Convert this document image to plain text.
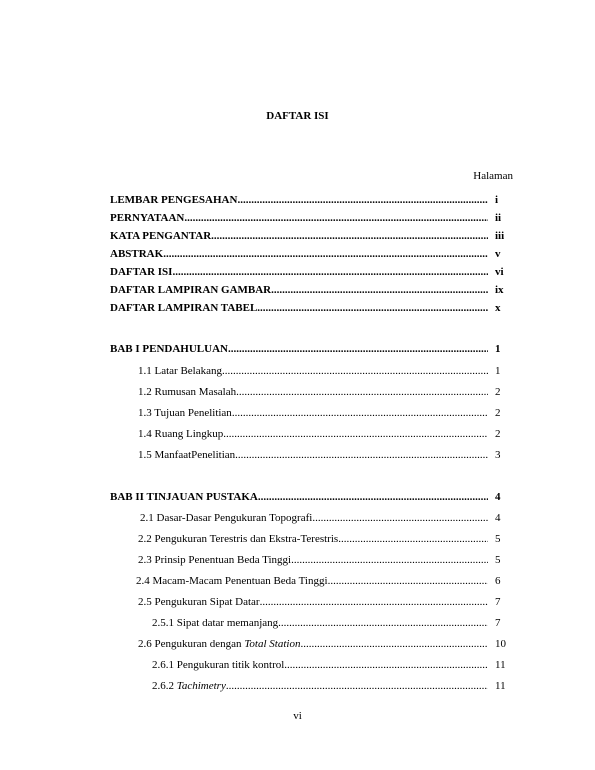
DAFTAR ISI
Halaman
LEMBAR PENGESAHAN .....	i
PERNYATAAN .....	ii
KATA PENGANTAR .....	iii
ABSTRAK .....	v
DAFTAR ISI .....	vi
DAFTAR LAMPIRAN GAMBAR .....	ix
DAFTAR LAMPIRAN TABEL .....	x
BAB I PENDAHULUAN .....	1
1.1 Latar Belakang .....	1
1.2 Rumusan Masalah .....	2
1.3 Tujuan Penelitian .....	2
1.4 Ruang Lingkup .....	2
1.5 ManfaatPenelitian .....	3
BAB II TINJAUAN PUSTAKA .....	4
2.1 Dasar-Dasar Pengukuran Topografi .....	4
2.2 Pengukuran Terestris dan Ekstra-Terestris .....	5
2.3 Prinsip Penentuan Beda Tinggi .....	5
2.4 Macam-Macam Penentuan Beda Tinggi .....	6
2.5 Pengukuran Sipat Datar .....	7
2.5.1 Sipat datar memanjang .....	7
2.6 Pengukuran dengan Total Station .....	10
2.6.1 Pengukuran titik kontrol .....	11
2.6.2 Tachimetry .....	11
vi
